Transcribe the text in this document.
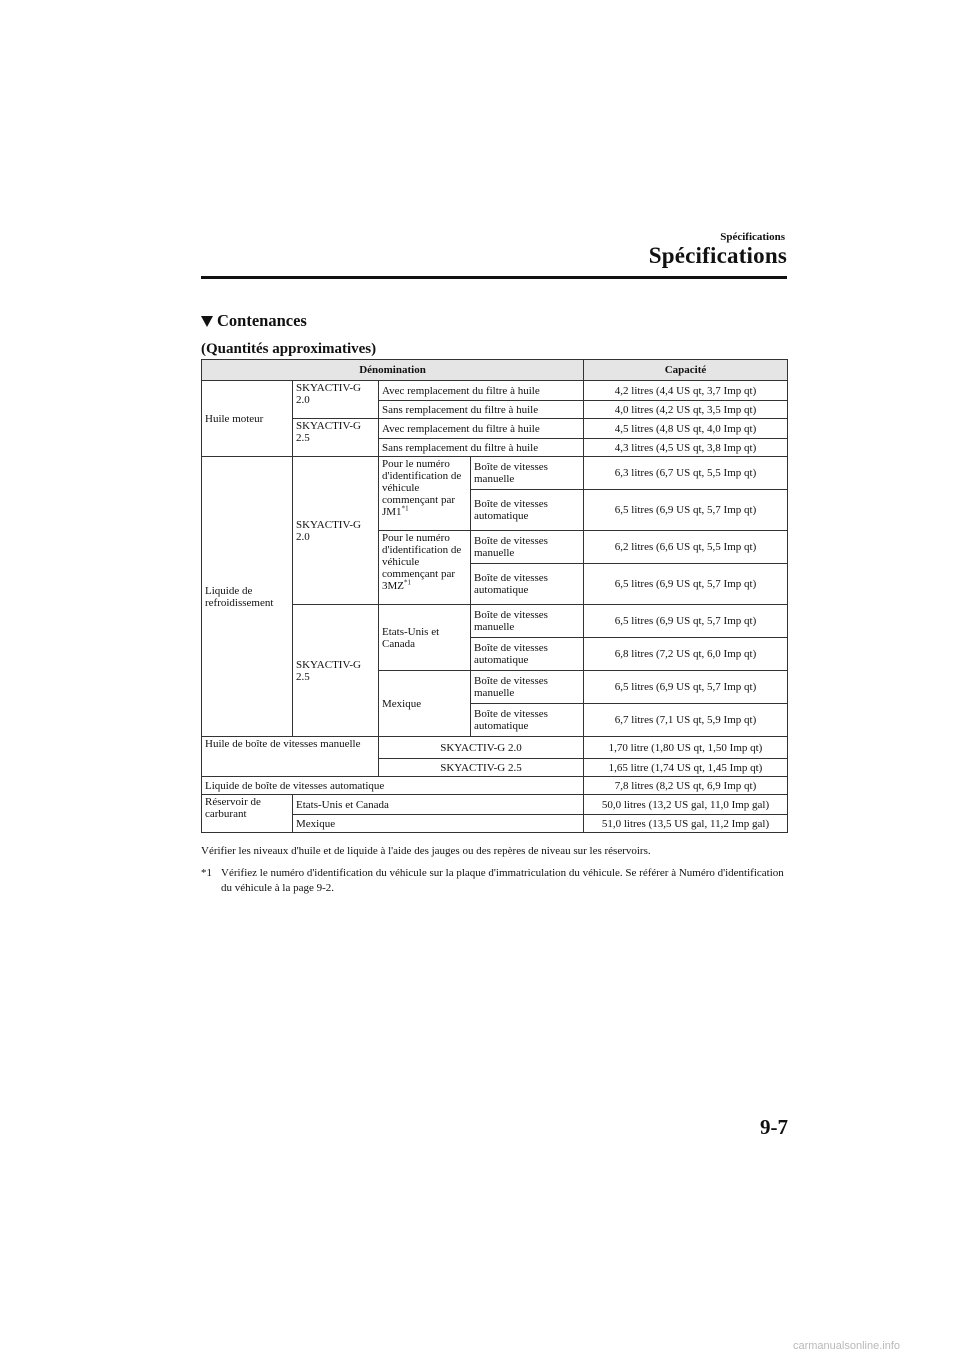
Spécifications
Spécifications
Contenances
(Quantités approximatives)
Dénomination				Capacité
Huile moteur	SKYACTIV-G 2.0	Avec remplacement du filtre à huile		4,2 litres (4,4 US qt, 3,7 Imp qt)
		Sans remplacement du filtre à huile		4,0 litres (4,2 US qt, 3,5 Imp qt)
	SKYACTIV-G 2.5	Avec remplacement du filtre à huile		4,5 litres (4,8 US qt, 4,0 Imp qt)
		Sans remplacement du filtre à huile		4,3 litres (4,5 US qt, 3,8 Imp qt)
Liquide de refroidissement	SKYACTIV-G 2.0	Pour le numéro d'identification de véhicule commençant par JM1$^{*1}$	Boîte de vitesses manuelle	6,3 litres (6,7 US qt, 5,5 Imp qt)
			Boîte de vitesses automatique	6,5 litres (6,9 US qt, 5,7 Imp qt)
		Pour le numéro d'identification de véhicule commençant par 3MZ$^{*1}$	Boîte de vitesses manuelle	6,2 litres (6,6 US qt, 5,5 Imp qt)
			Boîte de vitesses automatique	6,5 litres (6,9 US qt, 5,7 Imp qt)
	SKYACTIV-G 2.5	Etats-Unis et Canada	Boîte de vitesses manuelle	6,5 litres (6,9 US qt, 5,7 Imp qt)
			Boîte de vitesses automatique	6,8 litres (7,2 US qt, 6,0 Imp qt)
		Mexique	Boîte de vitesses manuelle	6,5 litres (6,9 US qt, 5,7 Imp qt)
			Boîte de vitesses automatique	6,7 litres (7,1 US qt, 5,9 Imp qt)
Huile de boîte de vitesses manuelle		SKYACTIV-G 2.0		1,70 litre (1,80 US qt, 1,50 Imp qt)
		SKYACTIV-G 2.5		1,65 litre (1,74 US qt, 1,45 Imp qt)
Liquide de boîte de vitesses automatique				7,8 litres (8,2 US qt, 6,9 Imp qt)
Réservoir de carburant	Etats-Unis et Canada			50,0 litres (13,2 US gal, 11,0 Imp gal)
	Mexique			51,0 litres (13,5 US gal, 11,2 Imp gal)
Vérifier les niveaux d'huile et de liquide à l'aide des jauges ou des repères de niveau sur les réservoirs.
*1 Vérifiez le numéro d'identification du véhicule sur la plaque d'immatriculation du véhicule. Se référer à Numéro d'identification du véhicule à la page 9-2.
9-7
carmanualsonline.info
